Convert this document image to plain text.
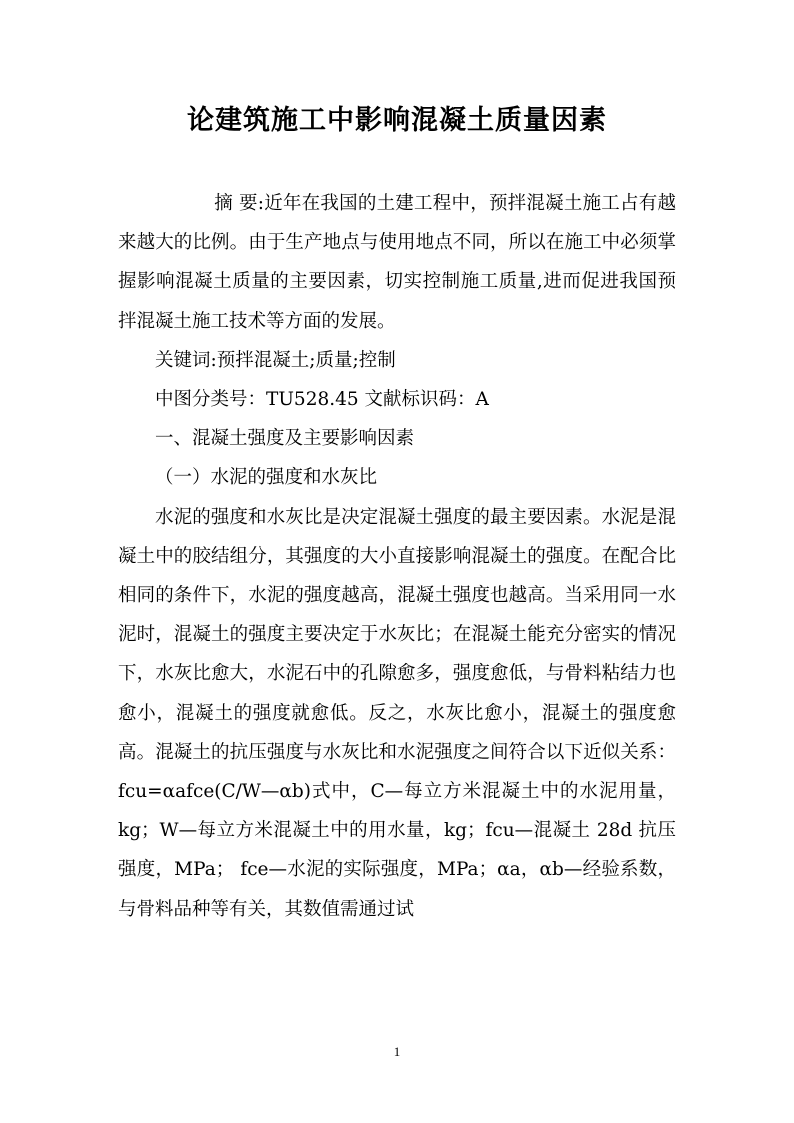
论建筑施工中影响混凝土质量因素

摘 要:近年在我国的土建工程中，预拌混凝土施工占有越来越大的比例。由于生产地点与使用地点不同，所以在施工中必须掌握影响混凝土质量的主要因素，切实控制施工质量,进而促进我国预拌混凝土施工技术等方面的发展。

关键词:预拌混凝土;质量;控制

中图分类号：TU528.45 文献标识码：A

一、混凝土强度及主要影响因素

（一）水泥的强度和水灰比

水泥的强度和水灰比是决定混凝土强度的最主要因素。水泥是混凝土中的胶结组分，其强度的大小直接影响混凝土的强度。在配合比相同的条件下，水泥的强度越高，混凝土强度也越高。当采用同一水泥时，混凝土的强度主要决定于水灰比；在混凝土能充分密实的情况下，水灰比愈大，水泥石中的孔隙愈多，强度愈低，与骨料粘结力也愈小，混凝土的强度就愈低。反之，水灰比愈小，混凝土的强度愈高。混凝土的抗压强度与水灰比和水泥强度之间符合以下近似关系：fcu=αafce(C/W—αb)式中，C—每立方米混凝土中的水泥用量，kg；W—每立方米混凝土中的用水量，kg；fcu—混凝土 28d 抗压强度，MPa； fce—水泥的实际强度，MPa；αa，αb—经验系数，与骨料品种等有关，其数值需通过试

1
